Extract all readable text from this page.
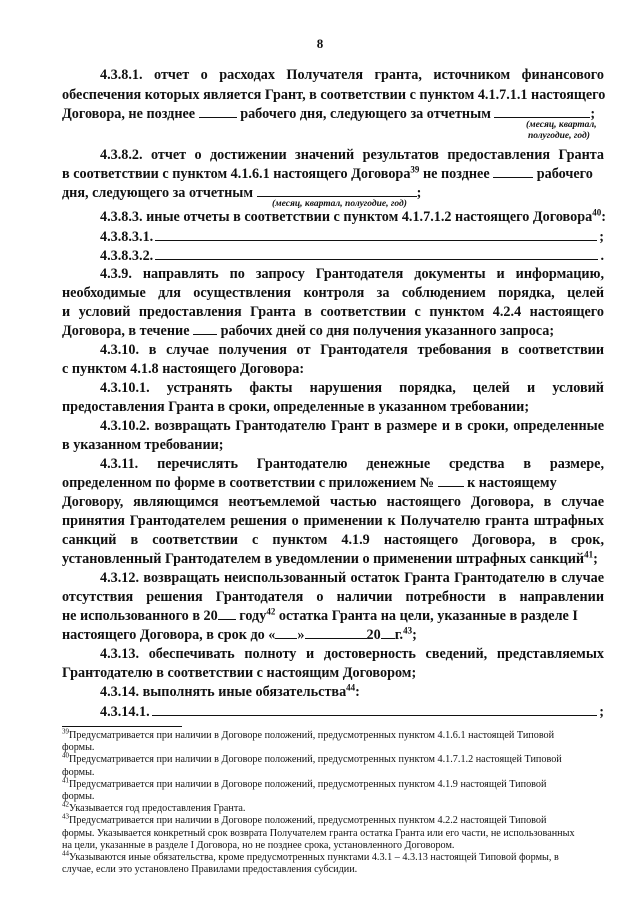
8
4.3.8.1. отчет о расходах Получателя гранта, источником финансового
обеспечения которых является Грант, в соответствии с пунктом 4.1.7.1.1 настоящего
Договора, не позднее	рабочего дня, следующего за отчетным	;
(месяц, квартал,
полугодие, год)
4.3.8.2. отчет о достижении значений результатов предоставления Гранта
в соответствии с пунктом 4.1.6.1 настоящего Договора$^{39}$ не позднее	рабочего
дня, следующего за отчетным	;
(месяц, квартал, полугодие, год)
4.3.8.3. иные отчеты в соответствии с пунктом 4.1.7.1.2 настоящего Договора$^{40}$:
4.3.8.3.1.	;
4.3.8.3.2.	.
4.3.9. направлять по запросу Грантодателя документы и информацию,
необходимые для осуществления контроля за соблюдением порядка, целей
и условий предоставления Гранта в соответствии с пунктом 4.2.4 настоящего
Договора, в течение рабочих дней со дня получения указанного запроса;
4.3.10. в случае получения от Грантодателя требования в соответствии
с пунктом 4.1.8 настоящего Договора:
4.3.10.1. устранять факты нарушения порядка, целей и условий
предоставления Гранта в сроки, определенные в указанном требовании;
4.3.10.2. возвращать Грантодателю Грант в размере и в сроки, определенные
в указанном требовании;
4.3.11. перечислять Грантодателю денежные средства в размере,
определенном по форме в соответствии с приложением № к настоящему
Договору, являющимся неотъемлемой частью настоящего Договора, в случае
принятия Грантодателем решения о применении к Получателю гранта штрафных
санкций в соответствии с пунктом 4.1.9 настоящего Договора, в срок,
установленный Грантодателем в уведомлении о применении штрафных санкций$^{41}$;
4.3.12. возвращать неиспользованный остаток Гранта Грантодателю в случае
отсутствия решения Грантодателя о наличии потребности в направлении
не использованного в 20 году$^{42}$ остатка Гранта на цели, указанные в разделе I
настоящего Договора, в срок до « »	20 г.$^{43}$;
4.3.13. обеспечивать полноту и достоверность сведений, представляемых
Грантодателю в соответствии с настоящим Договором;
4.3.14. выполнять иные обязательства$^{44}$:
4.3.14.1.	;
$^{39}$Предусматривается при наличии в Договоре положений, предусмотренных пунктом 4.1.6.1 настоящей Типовой
формы.
$^{40}$Предусматривается при наличии в Договоре положений, предусмотренных пунктом 4.1.7.1.2 настоящей Типовой
формы.
$^{41}$Предусматривается при наличии в Договоре положений, предусмотренных пунктом 4.1.9 настоящей Типовой
формы.
$^{42}$Указывается год предоставления Гранта.
$^{43}$Предусматривается при наличии в Договоре положений, предусмотренных пунктом 4.2.2 настоящей Типовой
формы. Указывается конкретный срок возврата Получателем гранта остатка Гранта или его части, не использованных
на цели, указанные в разделе I Договора, но не позднее срока, установленного Договором.
$^{44}$Указываются иные обязательства, кроме предусмотренных пунктами 4.3.1 – 4.3.13 настоящей Типовой формы, в
случае, если это установлено Правилами предоставления субсидии.
